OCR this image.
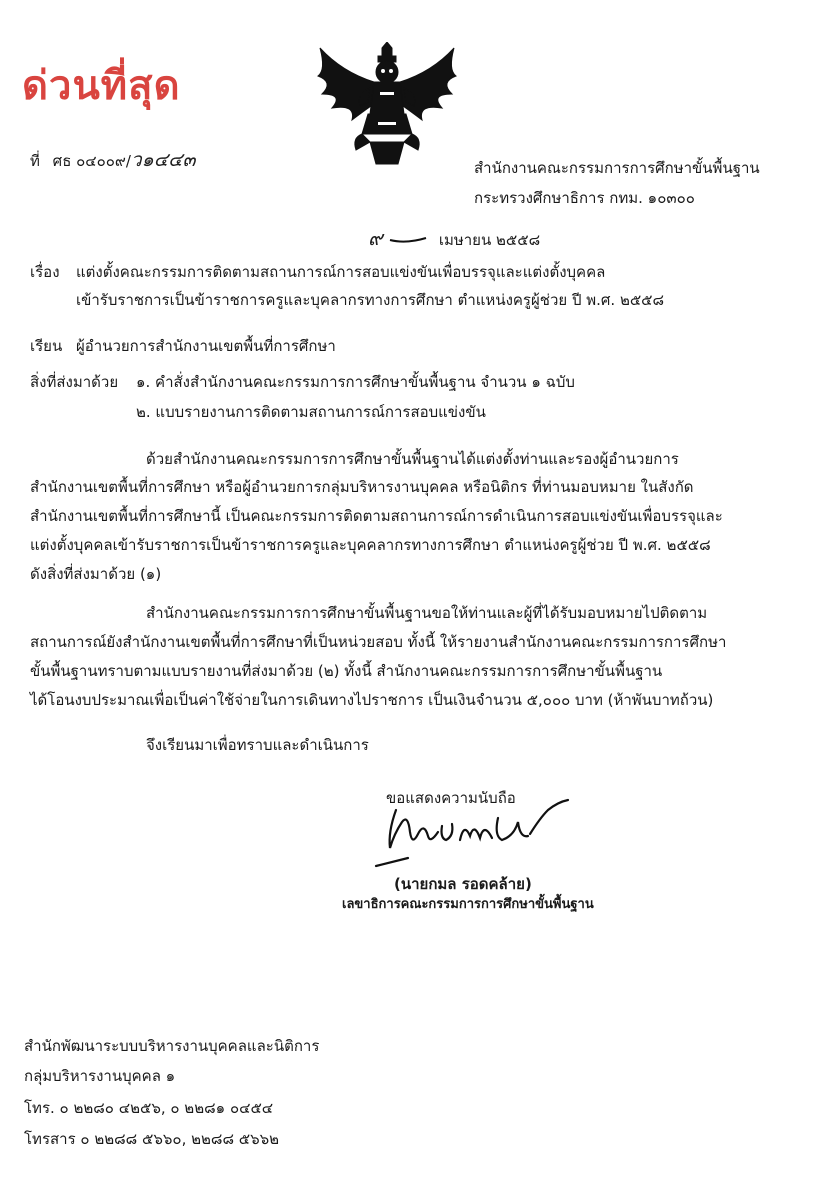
ด่วนที่สุด
ที่ ศธ ๐๔๐๐๙/ว๑๔๔๓	สำนักงานคณะกรรมการการศึกษาขั้นพื้นฐาน
กระทรวงศึกษาธิการ กทม. ๑๐๓๐๐
๙	เมษายน ๒๕๕๘
เรื่อง แต่งตั้งคณะกรรมการติดตามสถานการณ์การสอบแข่งขันเพื่อบรรจุและแต่งตั้งบุคคล
เข้ารับราชการเป็นข้าราชการครูและบุคลากรทางการศึกษา ตำแหน่งครูผู้ช่วย ปี พ.ศ. ๒๕๕๘
เรียน ผู้อำนวยการสำนักงานเขตพื้นที่การศึกษา
สิ่งที่ส่งมาด้วย ๑. คำสั่งสำนักงานคณะกรรมการการศึกษาขั้นพื้นฐาน จำนวน ๑ ฉบับ
๒. แบบรายงานการติดตามสถานการณ์การสอบแข่งขัน
ด้วยสำนักงานคณะกรรมการการศึกษาขั้นพื้นฐานได้แต่งตั้งท่านและรองผู้อำนวยการ
สำนักงานเขตพื้นที่การศึกษา หรือผู้อำนวยการกลุ่มบริหารงานบุคคล หรือนิติกร ที่ท่านมอบหมาย ในสังกัด
สำนักงานเขตพื้นที่การศึกษานี้ เป็นคณะกรรมการติดตามสถานการณ์การดำเนินการสอบแข่งขันเพื่อบรรจุและ
แต่งตั้งบุคคลเข้ารับราชการเป็นข้าราชการครูและบุคคลากรทางการศึกษา ตำแหน่งครูผู้ช่วย ปี พ.ศ. ๒๕๕๘
ดังสิ่งที่ส่งมาด้วย (๑)
สำนักงานคณะกรรมการการศึกษาขั้นพื้นฐานขอให้ท่านและผู้ที่ได้รับมอบหมายไปติดตาม
สถานการณ์ยังสำนักงานเขตพื้นที่การศึกษาที่เป็นหน่วยสอบ ทั้งนี้ ให้รายงานสำนักงานคณะกรรมการการศึกษา
ขั้นพื้นฐานทราบตามแบบรายงานที่ส่งมาด้วย (๒) ทั้งนี้ สำนักงานคณะกรรมการการศึกษาขั้นพื้นฐาน
ได้โอนงบประมาณเพื่อเป็นค่าใช้จ่ายในการเดินทางไปราชการ เป็นเงินจำนวน ๕,๐๐๐ บาท (ห้าพันบาทถ้วน)
จึงเรียนมาเพื่อทราบและดำเนินการ
ขอแสดงความนับถือ
(นายกมล รอดคล้าย)
เลขาธิการคณะกรรมการการศึกษาขั้นพื้นฐาน
สำนักพัฒนาระบบบริหารงานบุคคลและนิติการ
กลุ่มบริหารงานบุคคล ๑
โทร. ๐ ๒๒๘๐ ๔๒๕๖, ๐ ๒๒๘๑ ๐๔๕๔
โทรสาร ๐ ๒๒๘๘ ๕๖๖๐, ๒๒๘๘ ๕๖๖๒
